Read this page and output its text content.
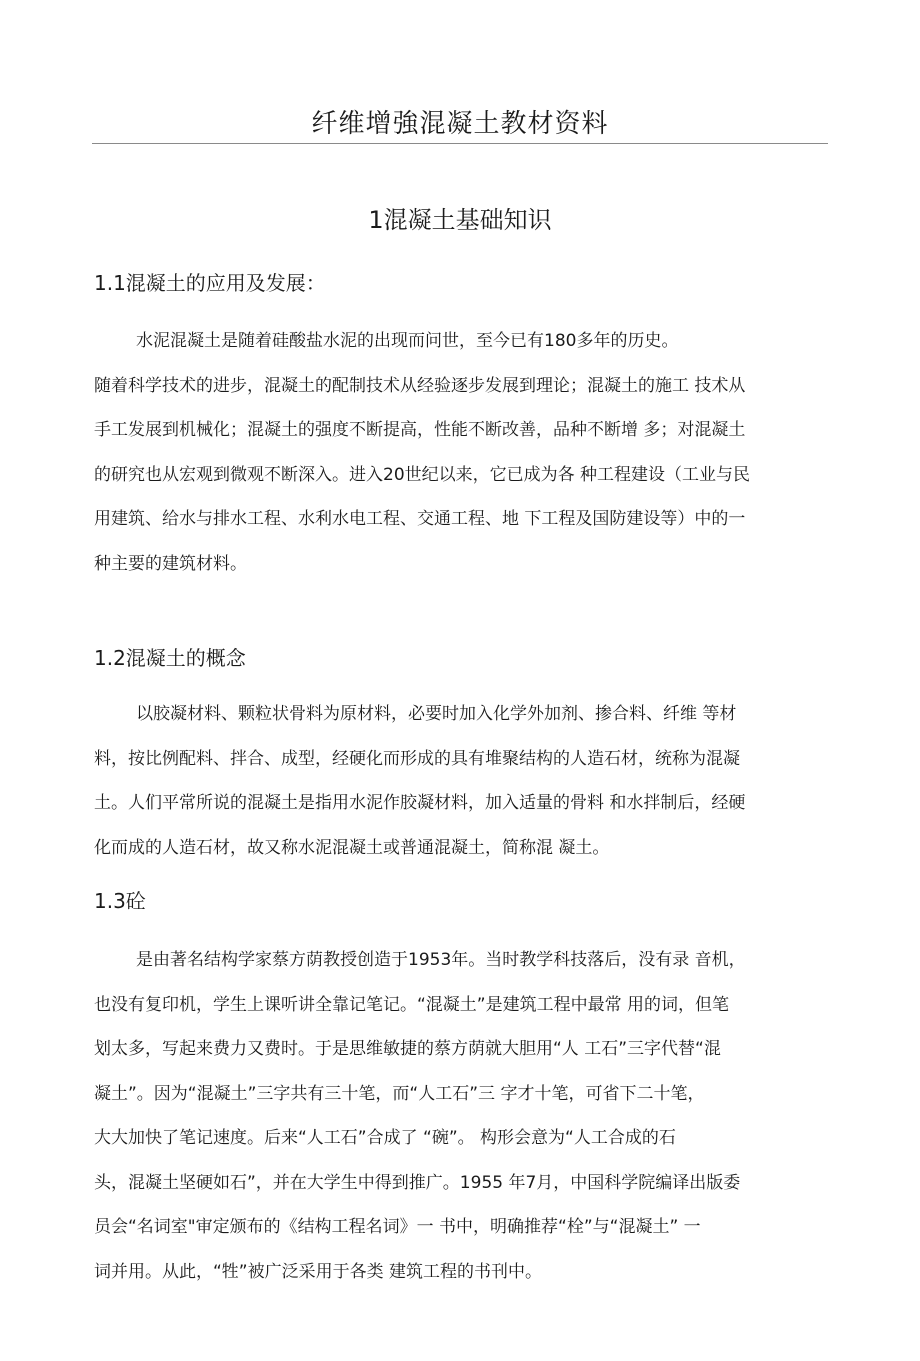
纤维增強混凝土教材资料
1混凝土基础知识
1.1混凝土的应用及发展：
水泥混凝土是随着硅酸盐水泥的出现而问世，至今已有180多年的历史。
随着科学技术的进步，混凝土的配制技术从经验逐步发展到理论；混凝土的施工 技术从
手工发展到机械化；混凝土的强度不断提高，性能不断改善，品种不断增 多；对混凝土
的研究也从宏观到微观不断深入。进入20世纪以来，它已成为各 种工程建设（工业与民
用建筑、给水与排水工程、水利水电工程、交通工程、地 下工程及国防建设等）中的一
种主要的建筑材料。
1.2混凝土的概念
以胶凝材料、颗粒状骨料为原材料，必要时加入化学外加剂、掺合料、纤维 等材
料，按比例配料、拌合、成型，经硬化而形成的具有堆聚结构的人造石材，统称为混凝
土。人们平常所说的混凝土是指用水泥作胶凝材料，加入适量的骨料 和水拌制后，经硬
化而成的人造石材，故又称水泥混凝土或普通混凝土，简称混 凝土。
1.3砼
是由著名结构学家蔡方荫教授创造于1953年。当时教学科技落后，没有录 音机，
也没有复印机，学生上课听讲全靠记笔记。“混凝土”是建筑工程中最常 用的词，但笔
划太多，写起来费力又费时。于是思维敏捷的蔡方荫就大胆用“人 工石”三字代替“混
凝土”。因为“混凝土”三字共有三十笔，而“人工石”三 字才十笔，可省下二十笔，
大大加快了笔记速度。后来“人工石”合成了 “碗”。 构形会意为“人工合成的石
头，混凝土坚硬如石”，并在大学生中得到推广。1955 年7月，中国科学院编译出版委
员会“名词室"审定颁布的《结构工程名词》一 书中，明确推荐“栓”与“混凝土” 一
词并用。从此，“牲”被广泛采用于各类 建筑工程的书刊中。
